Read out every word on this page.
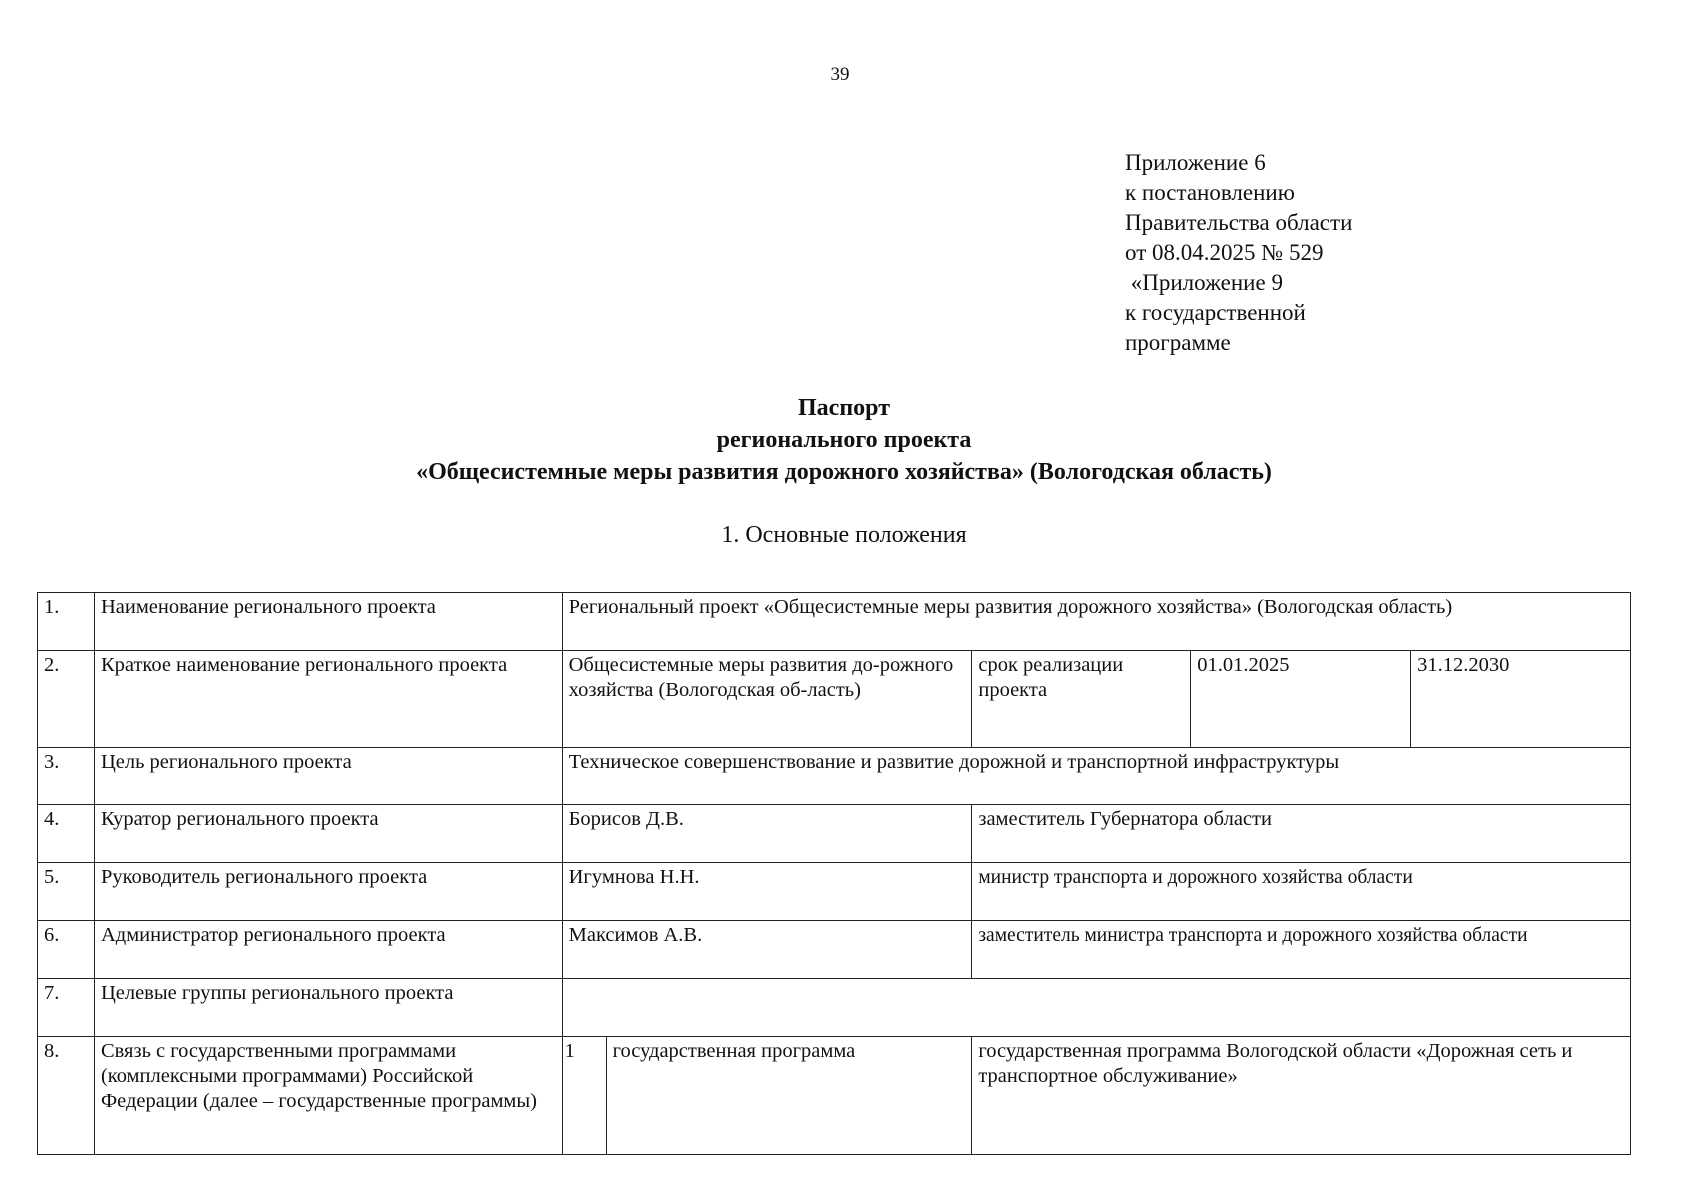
39
Приложение 6
к постановлению
Правительства области
от 08.04.2025 № 529
«Приложение 9
к государственной
программе
Паспорт
регионального проекта
«Общесистемные меры развития дорожного хозяйства» (Вологодская область)
1. Основные положения
1.	Наименование регионального проекта	Региональный проект «Общесистемные меры развития дорожного хозяйства» (Вологодская область)				
2.	Краткое наименование регионального проекта	Общесистемные меры развития до-рожного хозяйства (Вологодская об-ласть)		срок реализации проекта	01.01.2025	31.12.2030
3.	Цель регионального проекта	Техническое совершенствование и развитие дорожной и транспортной инфраструктуры				
4.	Куратор регионального проекта	Борисов Д.В.		заместитель Губернатора области		
5.	Руководитель регионального проекта	Игумнова Н.Н.		министр транспорта и дорожного хозяйства области		
6.	Администратор регионального проекта	Максимов А.В.		заместитель министра транспорта и дорожного хозяйства области		
7.	Целевые группы регионального проекта					
8.	Связь с государственными программами (комплексными программами) Российской Федерации (далее – государственные программы)	1	государственная программа	государственная программа Вологодской области «Дорожная сеть и транспортное обслуживание»		
